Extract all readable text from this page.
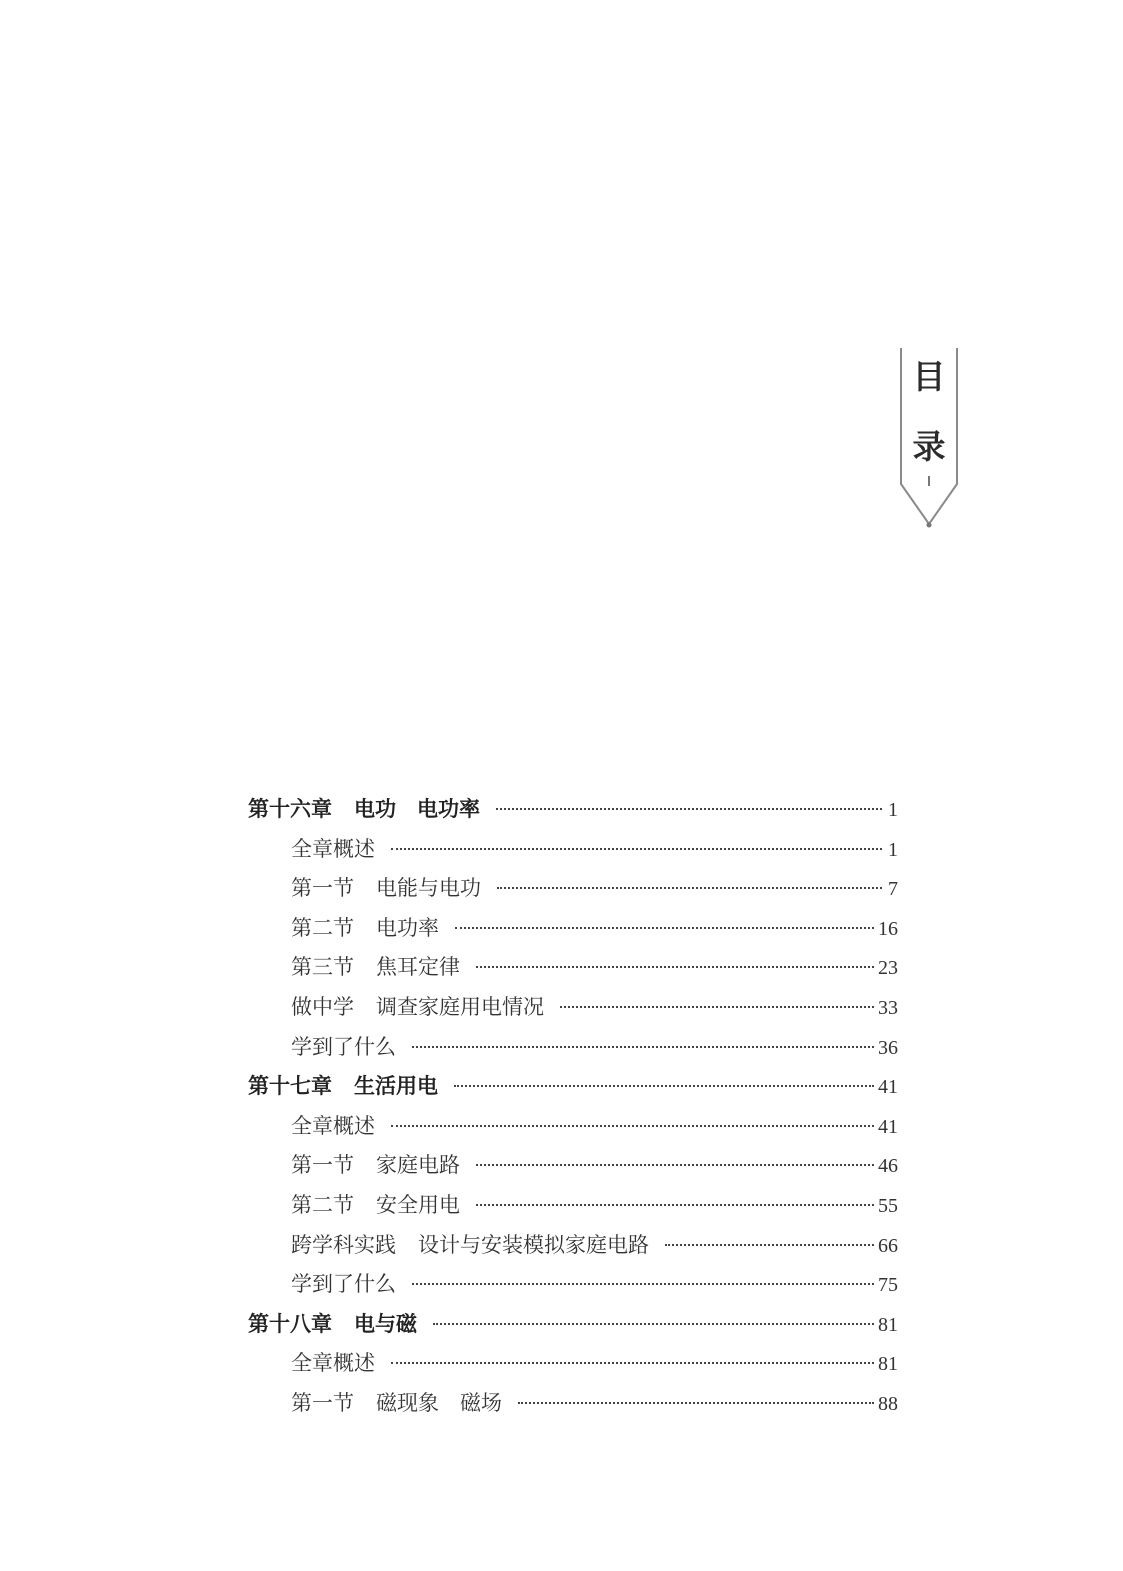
目
录
第十六章 电功　电功率	1
全章概述	1
第一节 电能与电功	7
第二节 电功率	16
第三节 焦耳定律	23
做中学 调查家庭用电情况	33
学到了什么	36
第十七章 生活用电	41
全章概述	41
第一节 家庭电路	46
第二节 安全用电	55
跨学科实践 设计与安装模拟家庭电路	66
学到了什么	75
第十八章 电与磁	81
全章概述	81
第一节 磁现象　磁场	88
